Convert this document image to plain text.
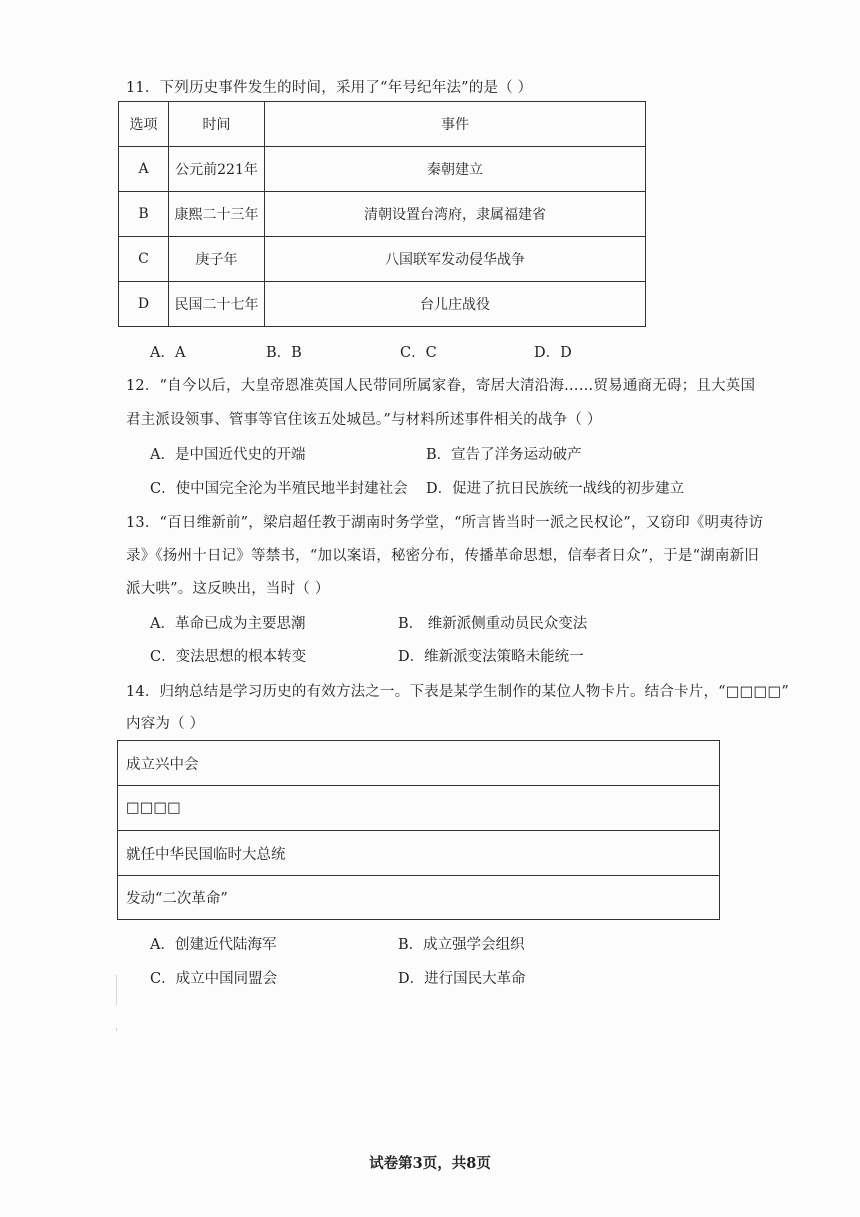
11．下列历史事件发生的时间，采用了“年号纪年法”的是（ ）
选项	时间	事件
A	公元前221年	秦朝建立
B	康熙二十三年	清朝设置台湾府，隶属福建省
C	庚子年	八国联军发动侵华战争
D	民国二十七年	台儿庄战役
A．A	B．B	C．C	D．D
12．“自今以后，大皇帝恩准英国人民带同所属家眷，寄居大清沿海……贸易通商无碍；且大英国
君主派设领事、管事等官住该五处城邑。”与材料所述事件相关的战争（ ）
A．是中国近代史的开端	B．宣告了洋务运动破产
C．使中国完全沦为半殖民地半封建社会 D．促进了抗日民族统一战线的初步建立
13．“百日维新前”，梁启超任教于湖南时务学堂，“所言皆当时一派之民权论”，又窃印《明夷待访
录》《扬州十日记》等禁书，“加以案语，秘密分布，传播革命思想，信奉者日众”，于是“湖南新旧
派大哄”。这反映出，当时（ ）
A．革命已成为主要思潮	B． 维新派侧重动员民众变法
C．变法思想的根本转变	D．维新派变法策略未能统一
14．归纳总结是学习历史的有效方法之一。下表是某学生制作的某位人物卡片。结合卡片，“□□□□”
内容为（ ）
成立兴中会
□□□□
就任中华民国临时大总统
发动“二次革命”
A．创建近代陆海军	B．成立强学会组织
C．成立中国同盟会	D．进行国民大革命
试卷第3页，共8页
